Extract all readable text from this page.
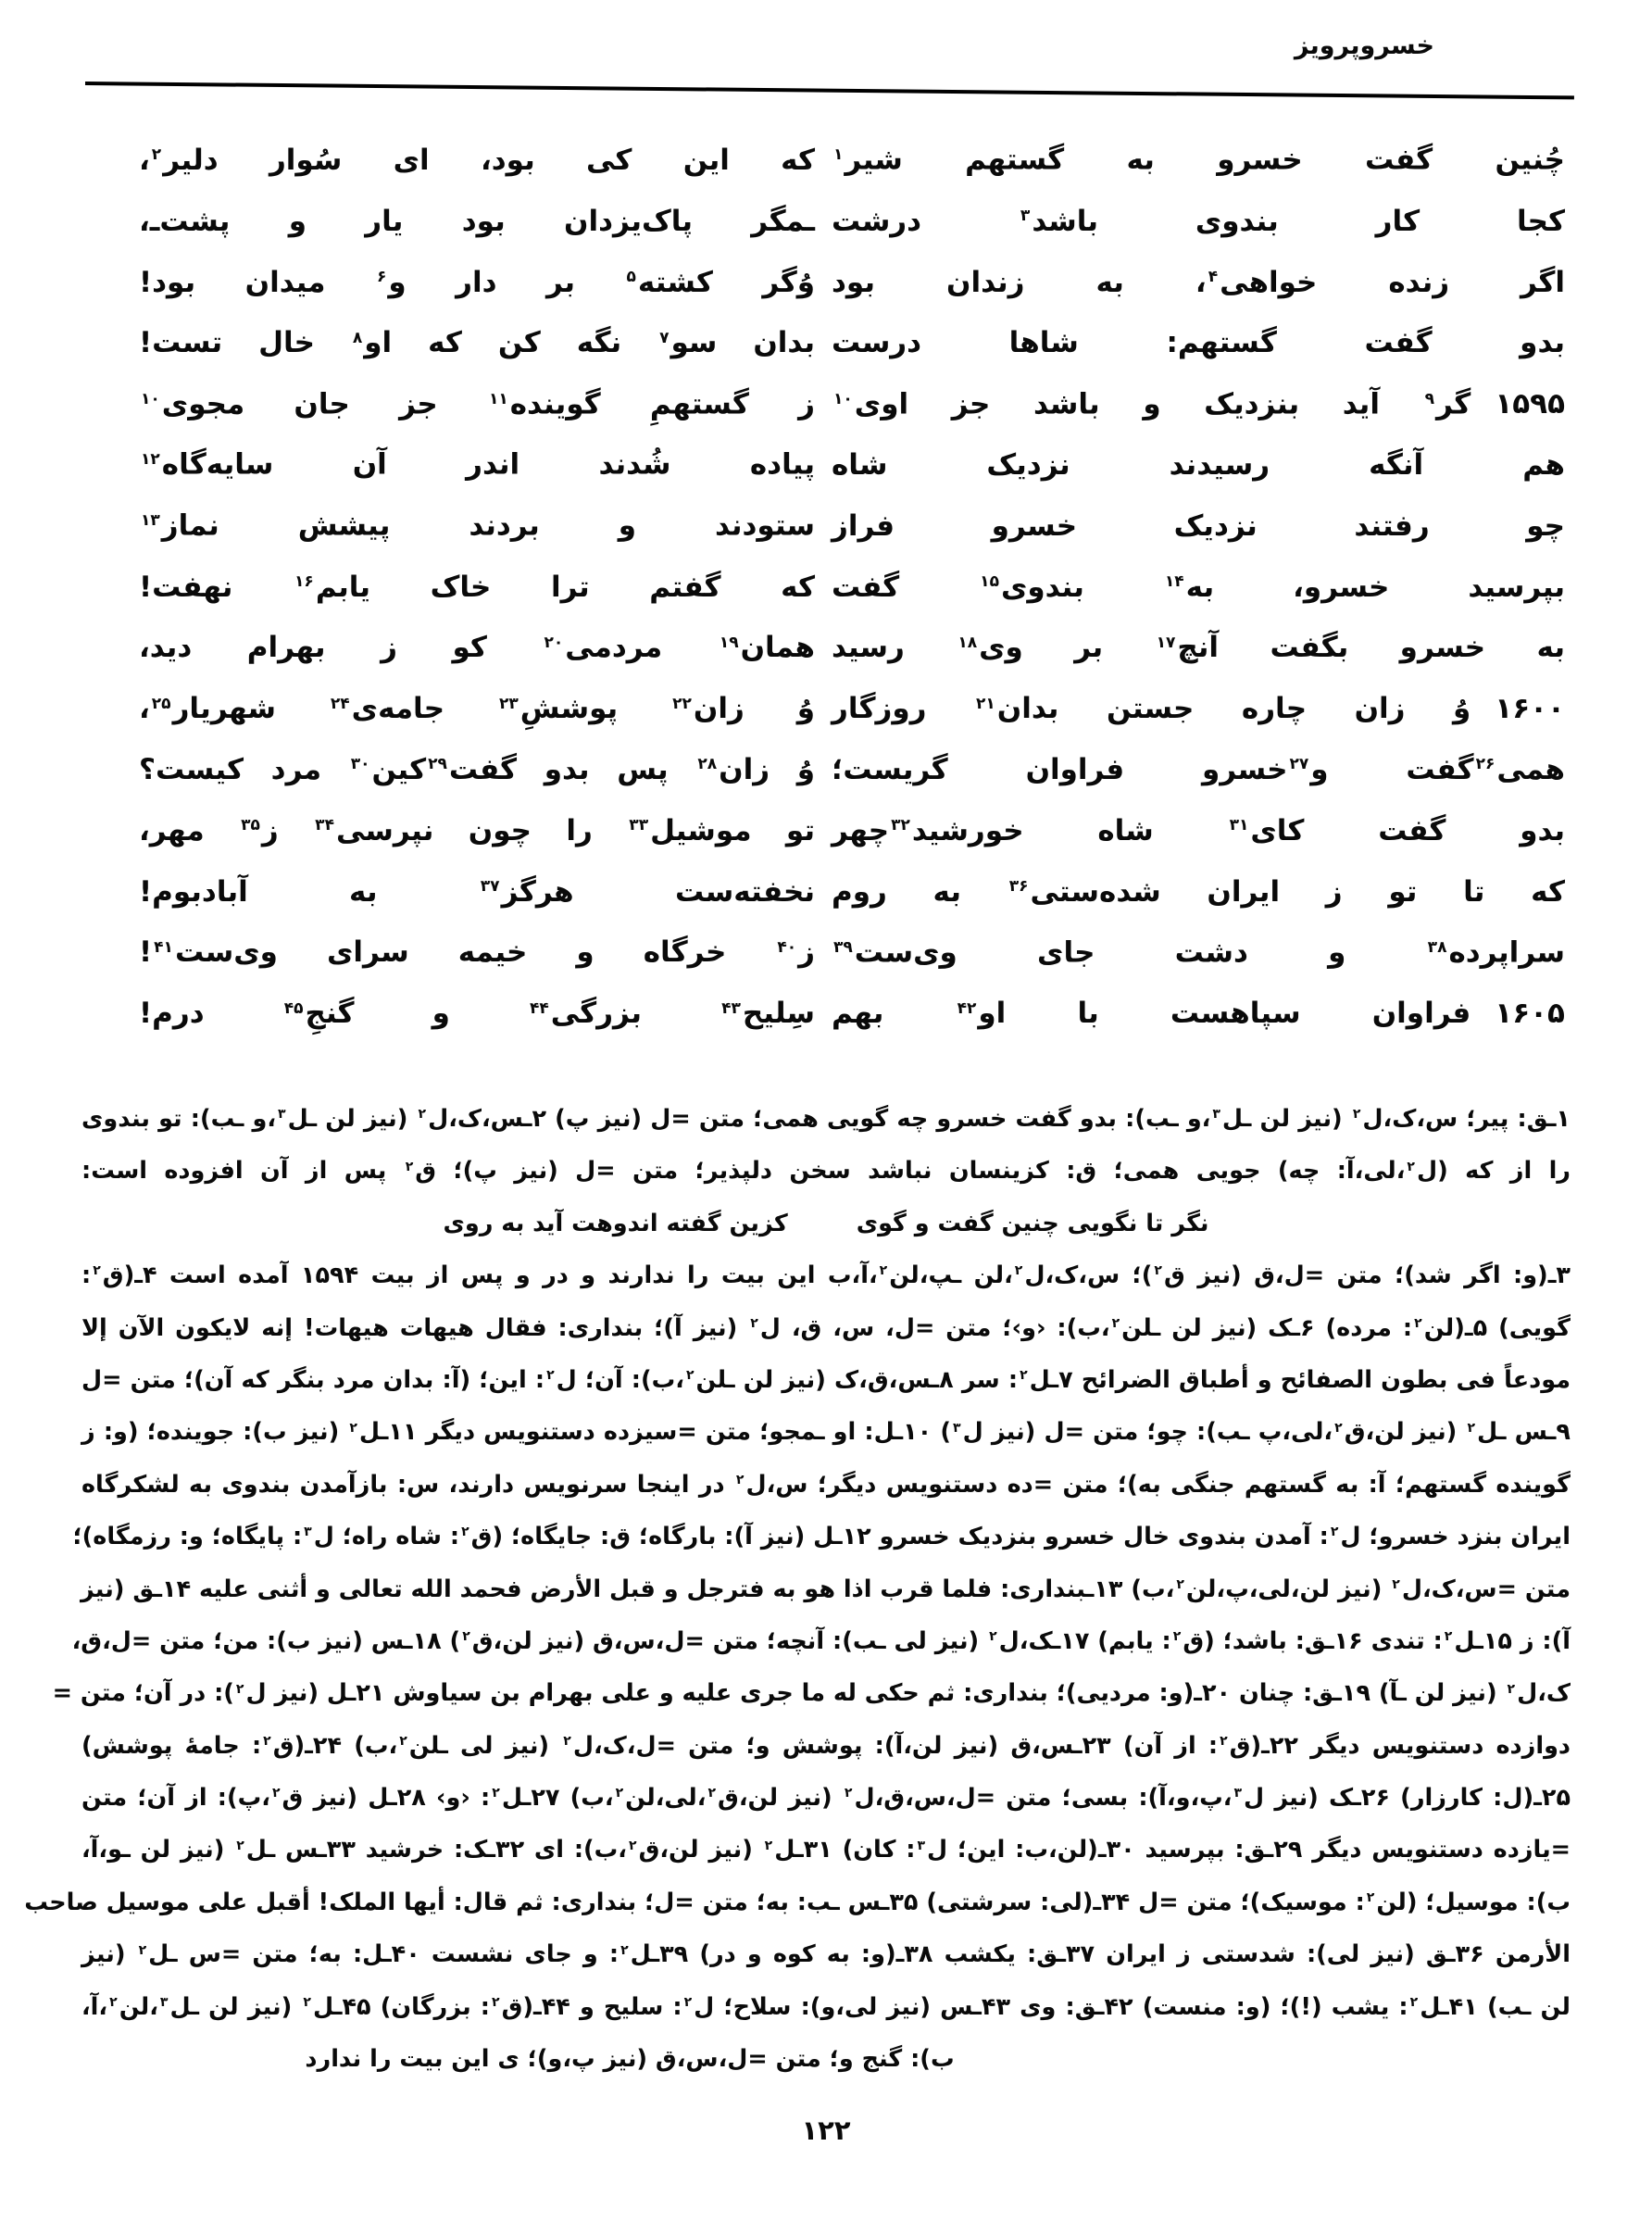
خسروپرویز
چُنین گفت خسرو به گستهم شیر$^۱$
کجا کار بندوی باشد$^۳$ درشت
اگر زنده خواهی$^۴$، به زندان بود
بدو گفت گستهم: شاها درست
۱۵۹۵گر$^۹$ آید بنزدیک و باشد جز اوی$^{۱۰}$
هم آنگه رسیدند نزدیک شاه
چو رفتند نزدیک خسرو فراز
بپرسید خسرو، به$^{۱۴}$ بندوی$^{۱۵}$ گفت
به خسرو بگفت آنچ$^{۱۷}$ بر وی$^{۱۸}$ رسید
۱۶۰۰وُ زان چاره جستن بدان$^{۲۱}$ روزگار
همی$^{۲۶}$گفت و$^{۲۷}$خسرو فراوان گریست؛
بدو گفت کای$^{۳۱}$ شاه خورشید$^{۳۲}$چهر
که تا تو ز ایران شده‌ستی$^{۳۶}$ به روم
سراپرده$^{۳۸}$ و دشت جای وی‌ست$^{۳۹}$
۱۶۰۵فراوان سپاهست با او$^{۴۲}$ بهم
که این کی بود، ای سُوار دلیر$^۲$،
ـمگر پاک‌یزدان بود یار و پشت‌ـ،
وُگر کشته$^۵$ بر دار و$^۶$ میدان بود!
بدان سو$^۷$ نگه کن که او$^۸$ خال تست!
ز گستهمِ گوینده$^{۱۱}$ جز جان مجوی$^{۱۰}$
پیاده شُدند اندر آن سایه‌گاه$^{۱۲}$
ستودند و بردند پیشش نماز$^{۱۳}$
که گفتم ترا خاک یابم$^{۱۶}$ نهفت!
همان$^{۱۹}$ مردمی$^{۲۰}$ کو ز بهرام دید،
وُ زان$^{۲۲}$ پوششِ$^{۲۳}$ جامه‌ی$^{۲۴}$ شهریار$^{۲۵}$،
وُ زان$^{۲۸}$ پس بدو گفت$^{۲۹}$کین$^{۳۰}$ مرد کیست؟
تو موشیل$^{۳۳}$ را چون نپرسی$^{۳۴}$ ز$^{۳۵}$ مهر،
نخفته‌ست هرگز$^{۳۷}$ به آبادبوم!
ز$^{۴۰}$ خرگاه و خیمه سرای وی‌ست$^{۴۱}$!
سِلیح$^{۴۳}$ بزرگی$^{۴۴}$ و گنجِ$^{۴۵}$ درم!
۱ـق: پیر؛ س،ک،ل$^۲$ (نیز لن ـل$^۳$،و ـب): بدو گفت خسرو چه گویی همی؛ متن =ل (نیز پ) ۲ـس،ک،ل$^۲$ (نیز لن ـل$^۳$،و ـب): تو بندوی
را از که (ل$^۲$،لی،آ: چه) جویی همی؛ ق: کزینسان نباشد سخن دلپذیر؛ متن =ل (نیز پ)؛ ق$^۲$ پس از آن افزوده است:
نگر تا نگویی چنین گفت و گوی
کزین گفته اندوهت آید به روی
۳ـ(و: اگر شد)؛ متن =ل،ق (نیز ق$^۲$)؛ س،ک،ل$^۲$،لن ـپ،لن$^۲$،آ،ب این بیت را ندارند و در و پس از بیت ۱۵۹۴ آمده است ۴ـ(ق$^۲$:
گویی) ۵ـ(لن$^۲$: مرده) ۶ـک (نیز لن ـلن$^۲$،ب): ‹و›؛ متن =ل، س، ق، ل$^۲$ (نیز آ)؛ بنداری: فقال هیهات هیهات! إنه لایکون الآن إلا
مودعاً فی بطون الصفائح و أطباق الضرائح ۷ـل$^۲$: سر ۸ـس،ق،ک (نیز لن ـلن$^۲$،ب): آن؛ ل$^۲$: این؛ (آ: بدان مرد بنگر که آن)؛ متن =ل
۹ـس ـل$^۲$ (نیز لن،ق$^۲$،لی،پ ـب): چو؛ متن =ل (نیز ل$^۳$) ۱۰ـل: او ـمجو؛ متن =سیزده دستنویس دیگر ۱۱ـل$^۲$ (نیز ب): جوینده؛ (و: ز
گوینده گستهم؛ آ: به گستهم جنگی به)؛ متن =ده دستنویس دیگر؛ س،ل$^۲$ در اینجا سرنویس دارند، س: بازآمدن بندوی به لشکرگاه
ایران بنزد خسرو؛ ل$^۲$: آمدن بندوی خال خسرو بنزدیک خسرو ۱۲ـل (نیز آ): بارگاه؛ ق: جایگاه؛ (ق$^۲$: شاه راه؛ ل$^۳$: پایگاه؛ و: رزمگاه)؛
متن =س،ک،ل$^۲$ (نیز لن،لی،پ،لن$^۲$،ب) ۱۳ـبنداری: فلما قرب اذا هو به فترجل و قبل الأرض فحمد الله تعالی و أثنی علیه ۱۴ـق (نیز
آ): ز ۱۵ـل$^۲$: تندی ۱۶ـق: باشد؛ (ق$^۲$: یابم) ۱۷ـک،ل$^۲$ (نیز لی ـب): آنچه؛ متن =ل،س،ق (نیز لن،ق$^۲$) ۱۸ـس (نیز ب): من؛ متن =ل،ق،
ک،ل$^۲$ (نیز لن ـآ) ۱۹ـق: چنان ۲۰ـ(و: مردیی)؛ بنداری: ثم حکی له ما جری علیه و علی بهرام بن سیاوش ۲۱ـل (نیز ل$^۲$): در آن؛ متن =
دوازده دستنویس دیگر ۲۲ـ(ق$^۲$: از آن) ۲۳ـس،ق (نیز لن،آ): پوشش و؛ متن =ل،ک،ل$^۲$ (نیز لی ـلن$^۲$،ب) ۲۴ـ(ق$^۲$: جامهٔ پوشش)
۲۵ـ(ل: کارزار) ۲۶ـک (نیز ل$^۳$،پ،و،آ): بسی؛ متن =ل،س،ق،ل$^۲$ (نیز لن،ق$^۲$،لی،لن$^۲$،ب) ۲۷ـل$^۲$: ‹و› ۲۸ـل (نیز ق$^۲$،پ): از آن؛ متن
=یازده دستنویس دیگر ۲۹ـق: بپرسید ۳۰ـ(لن،ب: این؛ ل$^۳$: کان) ۳۱ـل$^۲$ (نیز لن،ق$^۲$،ب): ای ۳۲ـک: خرشید ۳۳ـس ـل$^۲$ (نیز لن ـو،آ،
ب): موسیل؛ (لن$^۲$: موسیک)؛ متن =ل ۳۴ـ(لی: سرشتی) ۳۵ـس ـب: به؛ متن =ل؛ بنداری: ثم قال: أیها الملک! أقبل علی موسیل صاحب
الأرمن ۳۶ـق (نیز لی): شدستی ز ایران ۳۷ـق: یکشب ۳۸ـ(و: به کوه و در) ۳۹ـل$^۲$: و جای نشست ۴۰ـل: به؛ متن =س ـل$^۲$ (نیز
لن ـب) ۴۱ـل$^۲$: یشب (!)؛ (و: منست) ۴۲ـق: وی ۴۳ـس (نیز لی،و): سلاح؛ ل$^۲$: سلیح و ۴۴ـ(ق$^۲$: بزرگان) ۴۵ـل$^۲$ (نیز لن ـل$^۳$،لن$^۲$،آ،
ب): گنج و؛ متن =ل،س،ق (نیز پ،و)؛ ی این بیت را ندارد
۱۲۲
